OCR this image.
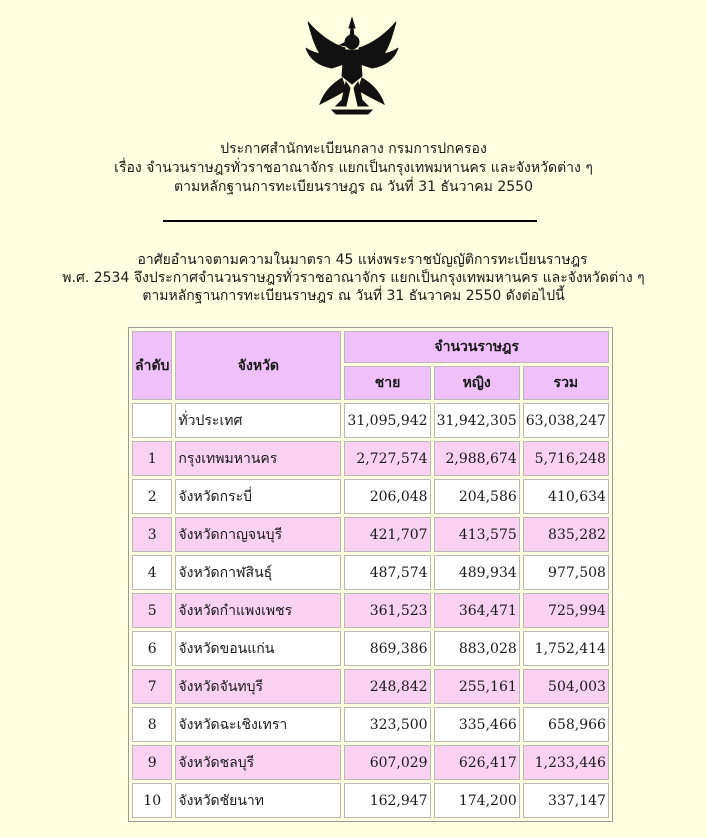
ประกาศสำนักทะเบียนกลาง กรมการปกครอง
เรื่อง จำนวนราษฎรทั่วราชอาณาจักร แยกเป็นกรุงเทพมหานคร และจังหวัดต่าง ๆ
ตามหลักฐานการทะเบียนราษฎร ณ วันที่ 31 ธันวาคม 2550
อาศัยอำนาจตามความในมาตรา 45 แห่งพระราชบัญญัติการทะเบียนราษฎร
พ.ศ. 2534 จึงประกาศจำนวนราษฎรทั่วราชอาณาจักร แยกเป็นกรุงเทพมหานคร และจังหวัดต่าง ๆ
ตามหลักฐานการทะเบียนราษฎร ณ วันที่ 31 ธันวาคม 2550 ดังต่อไปนี้
ลำดับ	จังหวัด	จำนวนราษฎร		
		ชาย	หญิง	รวม
	ทั่วประเทศ	31,095,942	31,942,305	63,038,247
1	กรุงเทพมหานคร	2,727,574	2,988,674	5,716,248
2	จังหวัดกระบี่	206,048	204,586	410,634
3	จังหวัดกาญจนบุรี	421,707	413,575	835,282
4	จังหวัดกาฬสินธุ์	487,574	489,934	977,508
5	จังหวัดกำแพงเพชร	361,523	364,471	725,994
6	จังหวัดขอนแก่น	869,386	883,028	1,752,414
7	จังหวัดจันทบุรี	248,842	255,161	504,003
8	จังหวัดฉะเชิงเทรา	323,500	335,466	658,966
9	จังหวัดชลบุรี	607,029	626,417	1,233,446
10	จังหวัดชัยนาท	162,947	174,200	337,147
